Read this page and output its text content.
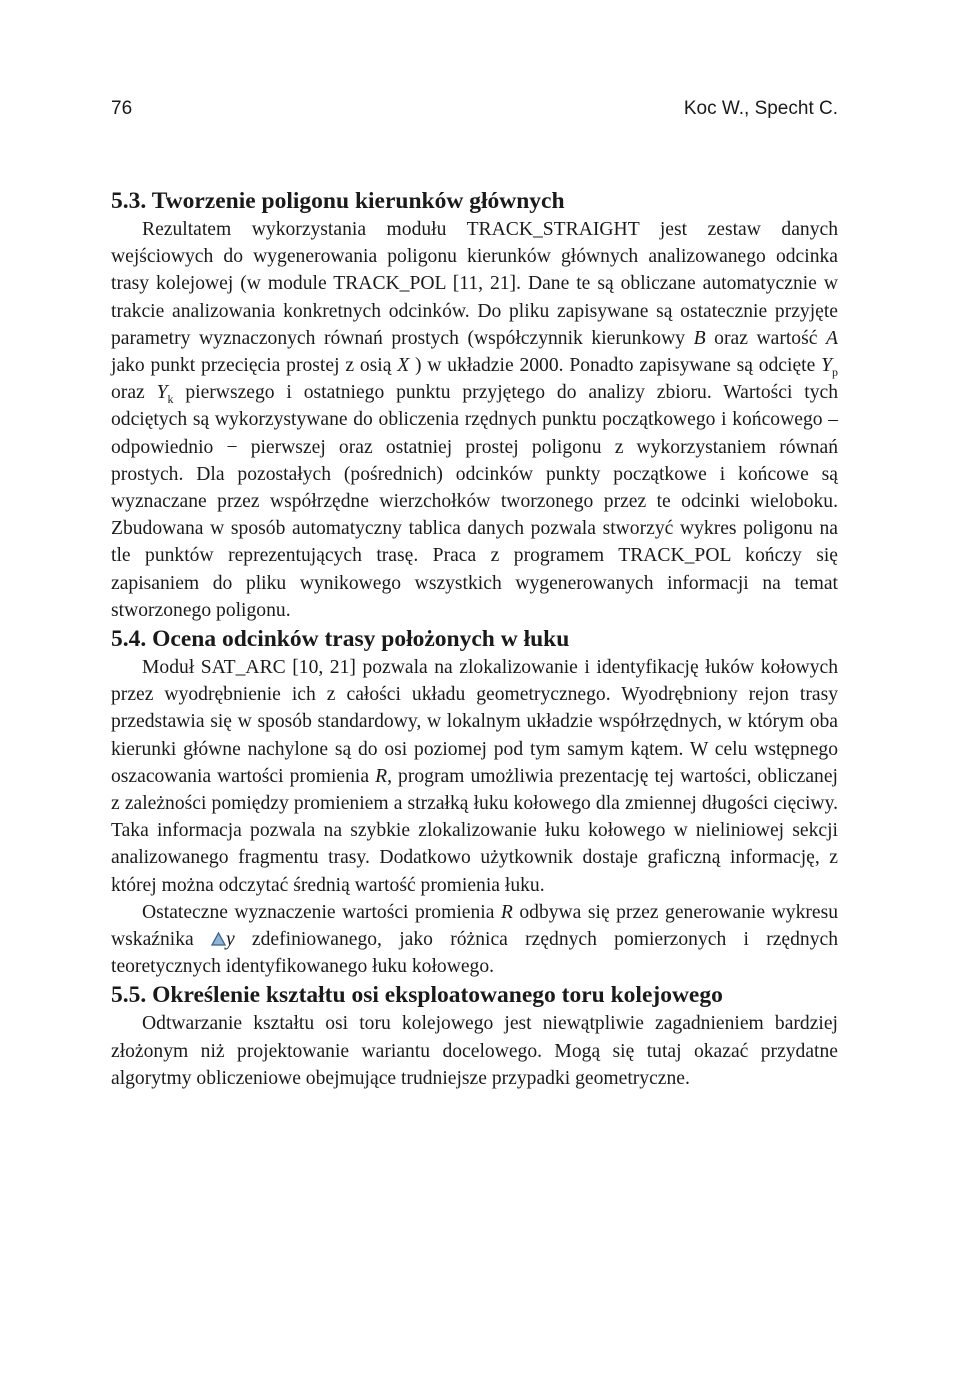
76	Koc W., Specht C.
5.3. Tworzenie poligonu kierunków głównych

Rezultatem wykorzystania modułu TRACK_STRAIGHT jest zestaw danych wejściowych do wygenerowania poligonu kierunków głównych analizowanego odcinka trasy kolejowej (w module TRACK_POL [11, 21]. Dane te są obliczane automatycznie w trakcie analizowania konkretnych odcinków. Do pliku zapisywane są ostatecznie przyjęte parametry wyznaczonych równań prostych (współczynnik kierunkowy B oraz wartość A jako punkt przecięcia prostej z osią X ) w układzie 2000. Ponadto zapisywane są odcięte $Y_p$ oraz $Y_k$ pierwszego i ostatniego punktu przyjętego do analizy zbioru. Wartości tych odciętych są wykorzystywane do obliczenia rzędnych punktu początkowego i końcowego – odpowiednio − pierwszej oraz ostatniej prostej poligonu z wykorzystaniem równań prostych. Dla pozostałych (pośrednich) odcinków punkty początkowe i końcowe są wyznaczane przez współrzędne wierzchołków tworzonego przez te odcinki wieloboku. Zbudowana w sposób automatyczny tablica danych pozwala stworzyć wykres poligonu na tle punktów reprezentujących trasę. Praca z programem TRACK_POL kończy się zapisaniem do pliku wynikowego wszystkich wygenerowanych informacji na temat stworzonego poligonu.

5.4. Ocena odcinków trasy położonych w łuku

Moduł SAT_ARC [10, 21] pozwala na zlokalizowanie i identyfikację łuków kołowych przez wyodrębnienie ich z całości układu geometrycznego. Wyodrębniony rejon trasy przedstawia się w sposób standardowy, w lokalnym układzie współrzędnych, w którym oba kierunki główne nachylone są do osi poziomej pod tym samym kątem. W celu wstępnego oszacowania wartości promienia R, program umożliwia prezentację tej wartości, obliczanej z zależności pomiędzy promieniem a strzałką łuku kołowego dla zmiennej długości cięciwy. Taka informacja pozwala na szybkie zlokalizowanie łuku kołowego w nieliniowej sekcji analizowanego fragmentu trasy. Dodatkowo użytkownik dostaje graficzną informację, z której można odczytać średnią wartość promienia łuku.

Ostateczne wyznaczenie wartości promienia R odbywa się przez generowanie wykresu wskaźnika y zdefiniowanego, jako różnica rzędnych pomierzonych i rzędnych teoretycznych identyfikowanego łuku kołowego.

5.5. Określenie kształtu osi eksploatowanego toru kolejowego

Odtwarzanie kształtu osi toru kolejowego jest niewątpliwie zagadnieniem bardziej złożonym niż projektowanie wariantu docelowego. Mogą się tutaj okazać przydatne algorytmy obliczeniowe obejmujące trudniejsze przypadki geometryczne.
